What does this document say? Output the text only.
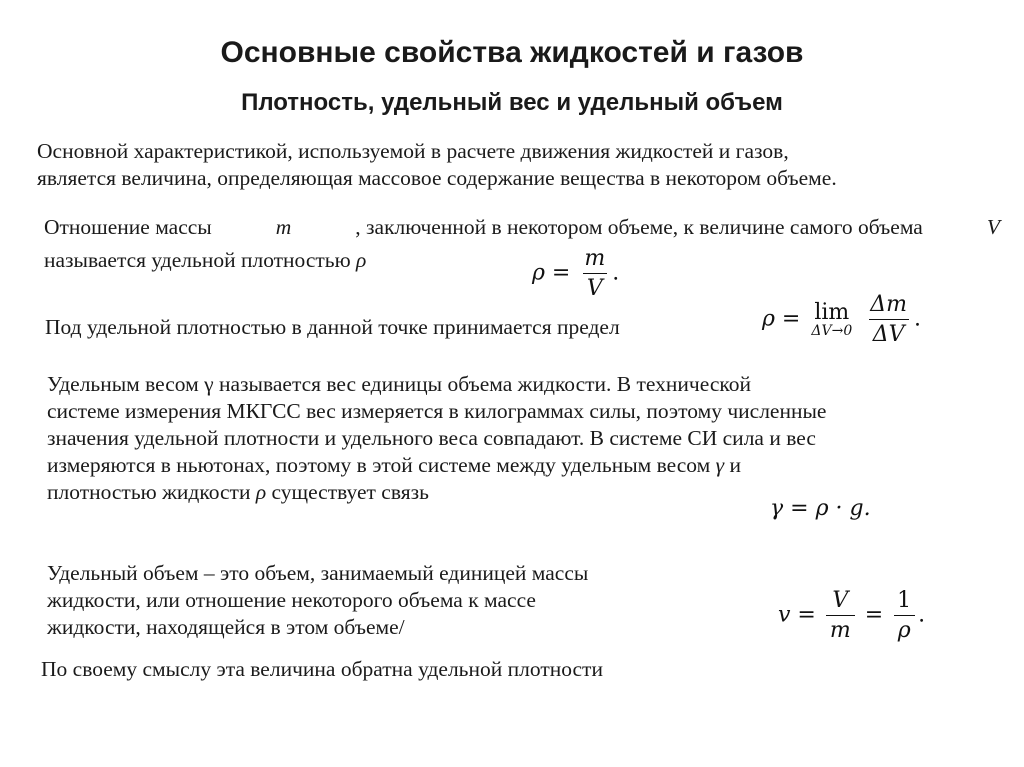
Основные свойства жидкостей и газов
Плотность, удельный вес и удельный объем
Основной характеристикой, используемой в расчете движения жидкостей и газов,
является величина, определяющая массовое содержание вещества в некотором объеме.
Отношение массы	m	, заключенной в некотором объеме, к величине самого объема	V
называется удельной плотностью ρ
$\rho = \frac{m}{V}$ .
Под удельной плотностью в данной точке принимается предел	ρ = lim
ΔV→0
$\frac{\Delta m}{\Delta V}$ .
Удельным весом γ называется вес единицы объема жидкости. В технической
системе измерения МКГСС вес измеряется в килограммах силы, поэтому численные
значения удельной плотности и удельного веса совпадают. В системе СИ сила и вес
измеряются в ньютонах, поэтому в этой системе между удельным весом γ и
плотностью жидкости ρ существует связь
γ = ρ · g.
Удельный объем – это объем, занимаемый единицей массы
жидкости, или отношение некоторого объема к массе
жидкости, находящейся в этом объеме/	$v = \frac{V}{m} = \frac{1}{\rho}$ .
По своему смыслу эта величина обратна удельной плотности
